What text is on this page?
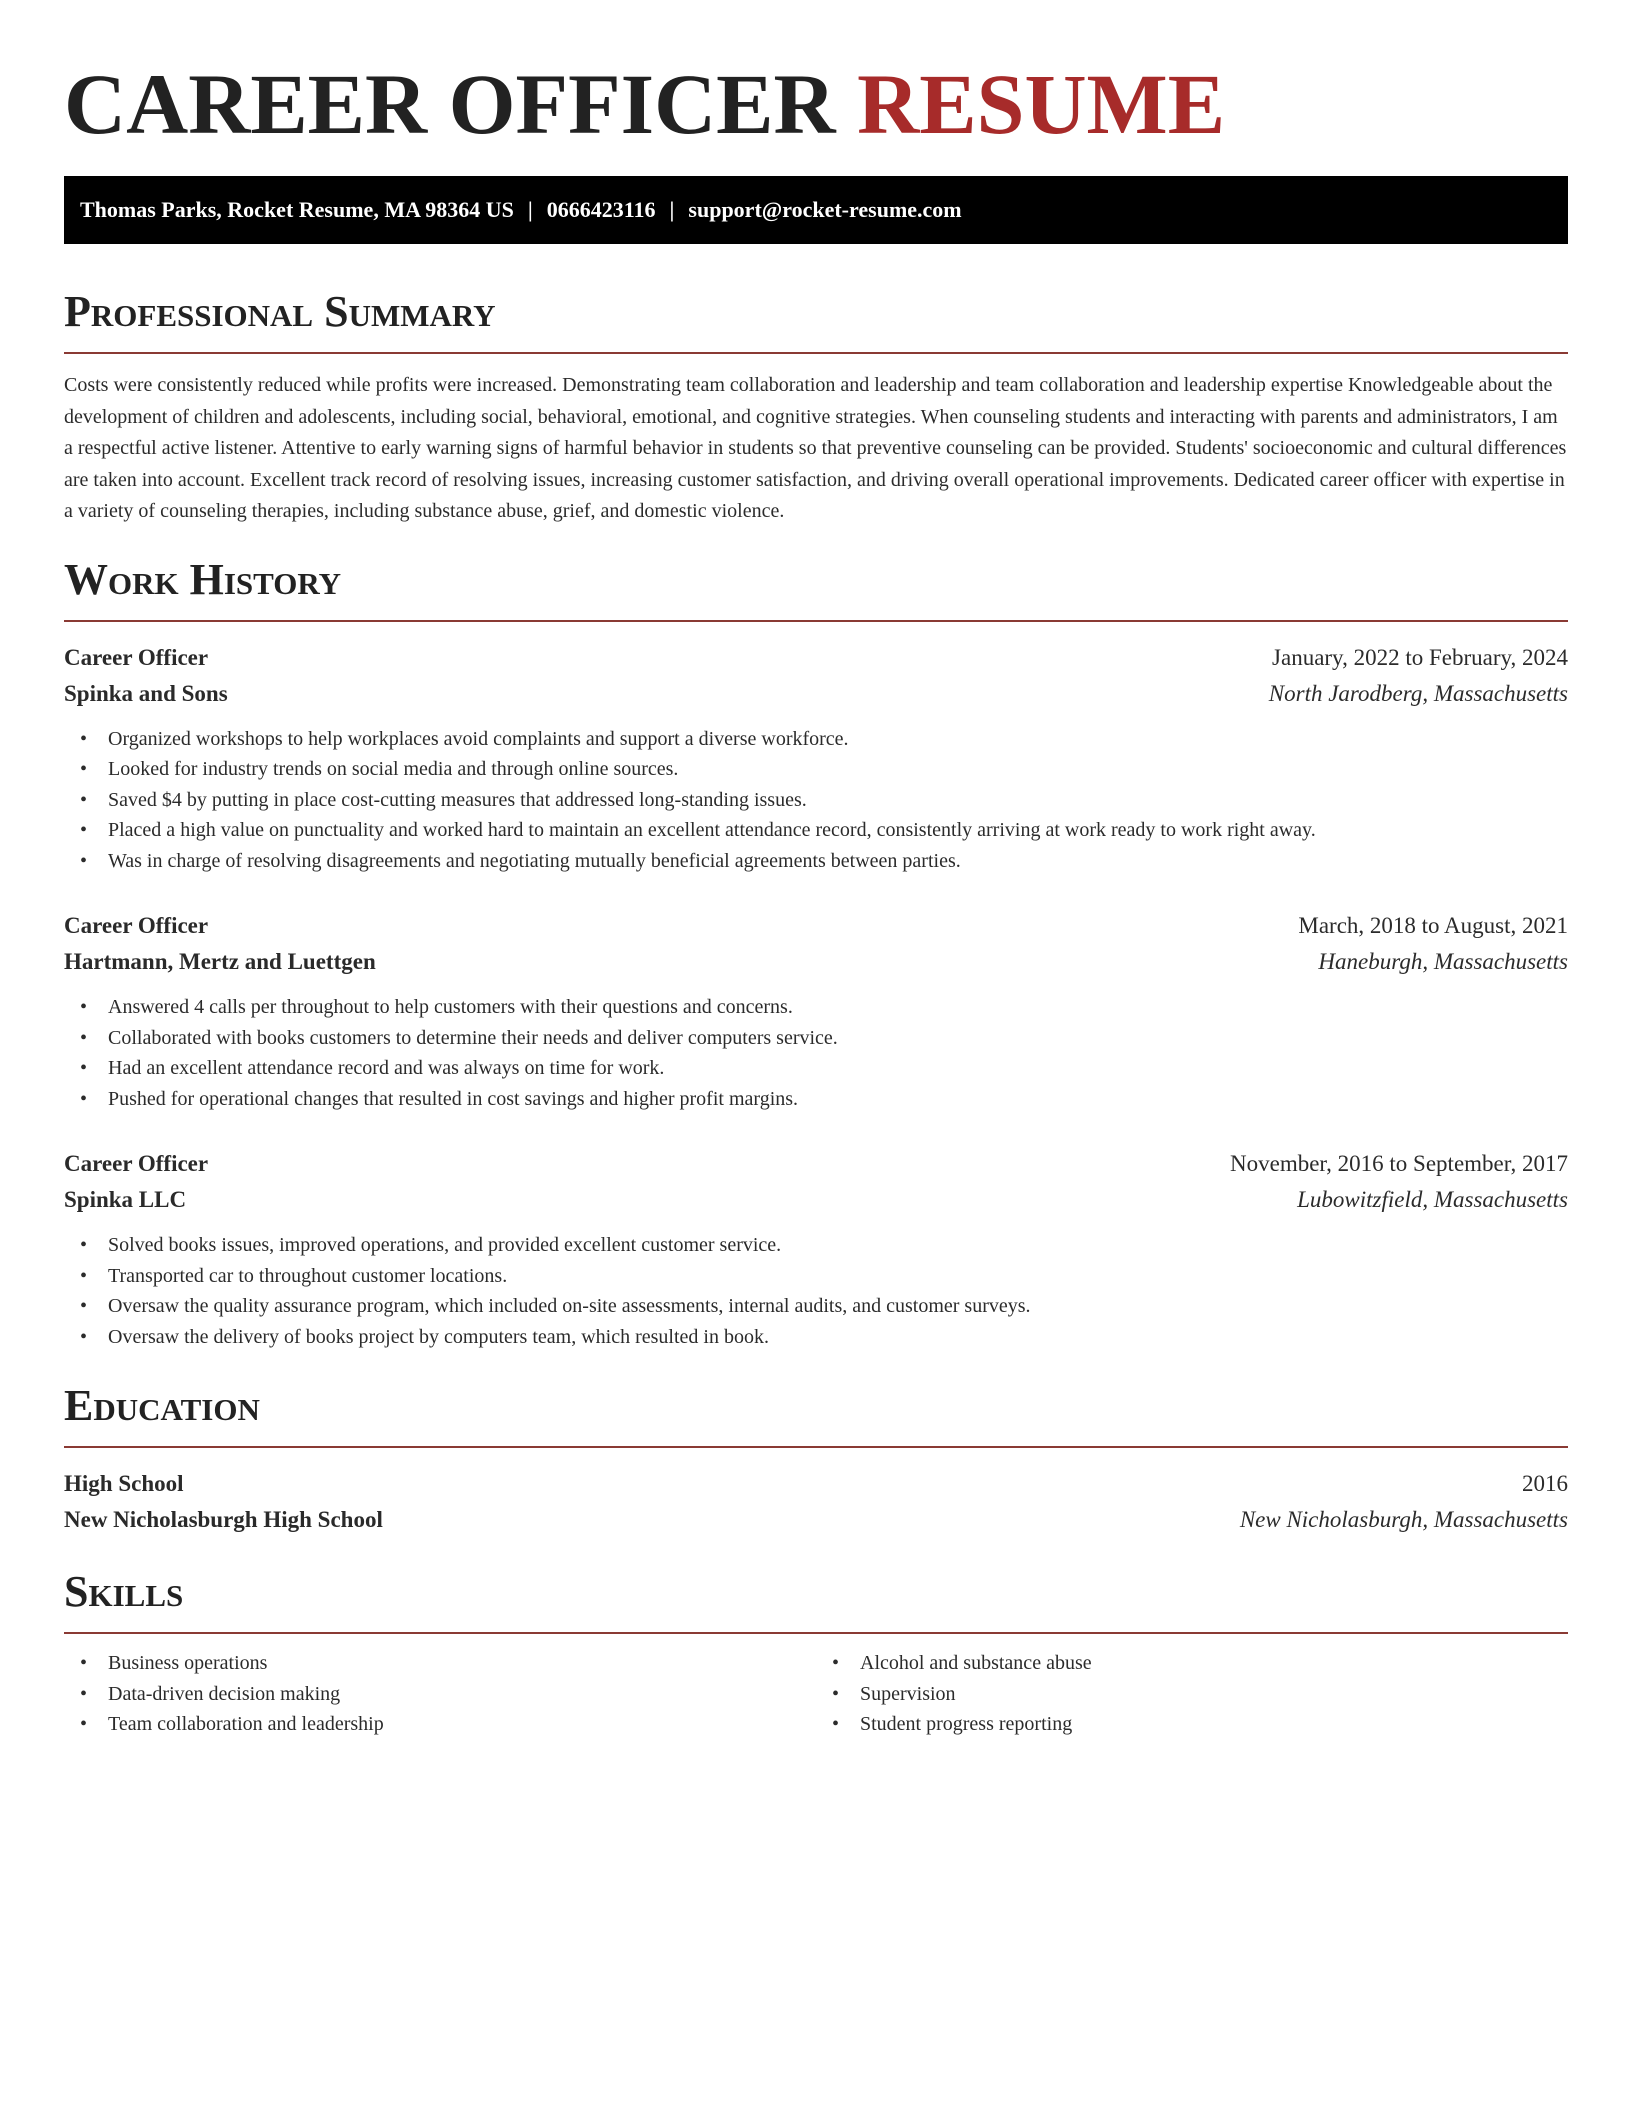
CAREER OFFICER RESUME
Thomas Parks, Rocket Resume, MA 98364 US | 0666423116 | support@rocket-resume.com
Professional Summary

Costs were consistently reduced while profits were increased. Demonstrating team collaboration and leadership and team collaboration and leadership expertise Knowledgeable about the development of children and adolescents, including social, behavioral, emotional, and cognitive strategies. When counseling students and interacting with parents and administrators, I am a respectful active listener. Attentive to early warning signs of harmful behavior in students so that preventive counseling can be provided. Students' socioeconomic and cultural differences are taken into account. Excellent track record of resolving issues, increasing customer satisfaction, and driving overall operational improvements. Dedicated career officer with expertise in a variety of counseling therapies, including substance abuse, grief, and domestic violence.

Work History
Career Officer	January, 2022 to February, 2024
Spinka and Sons	North Jarodberg, Massachusetts
• Organized workshops to help workplaces avoid complaints and support a diverse workforce.
• Looked for industry trends on social media and through online sources.
• Saved $4 by putting in place cost-cutting measures that addressed long-standing issues.
• Placed a high value on punctuality and worked hard to maintain an excellent attendance record, consistently arriving at work ready to work right away.
• Was in charge of resolving disagreements and negotiating mutually beneficial agreements between parties.
Career Officer	March, 2018 to August, 2021
Hartmann, Mertz and Luettgen	Haneburgh, Massachusetts
• Answered 4 calls per throughout to help customers with their questions and concerns.
• Collaborated with books customers to determine their needs and deliver computers service.
• Had an excellent attendance record and was always on time for work.
• Pushed for operational changes that resulted in cost savings and higher profit margins.
Career Officer	November, 2016 to September, 2017
Spinka LLC	Lubowitzfield, Massachusetts
• Solved books issues, improved operations, and provided excellent customer service.
• Transported car to throughout customer locations.
• Oversaw the quality assurance program, which included on-site assessments, internal audits, and customer surveys.
• Oversaw the delivery of books project by computers team, which resulted in book.
Education
High School	2016
New Nicholasburgh High School	New Nicholasburgh, Massachusetts
Skills
• Business operations
• Data-driven decision making
• Team collaboration and leadership
• Alcohol and substance abuse
• Supervision
• Student progress reporting
